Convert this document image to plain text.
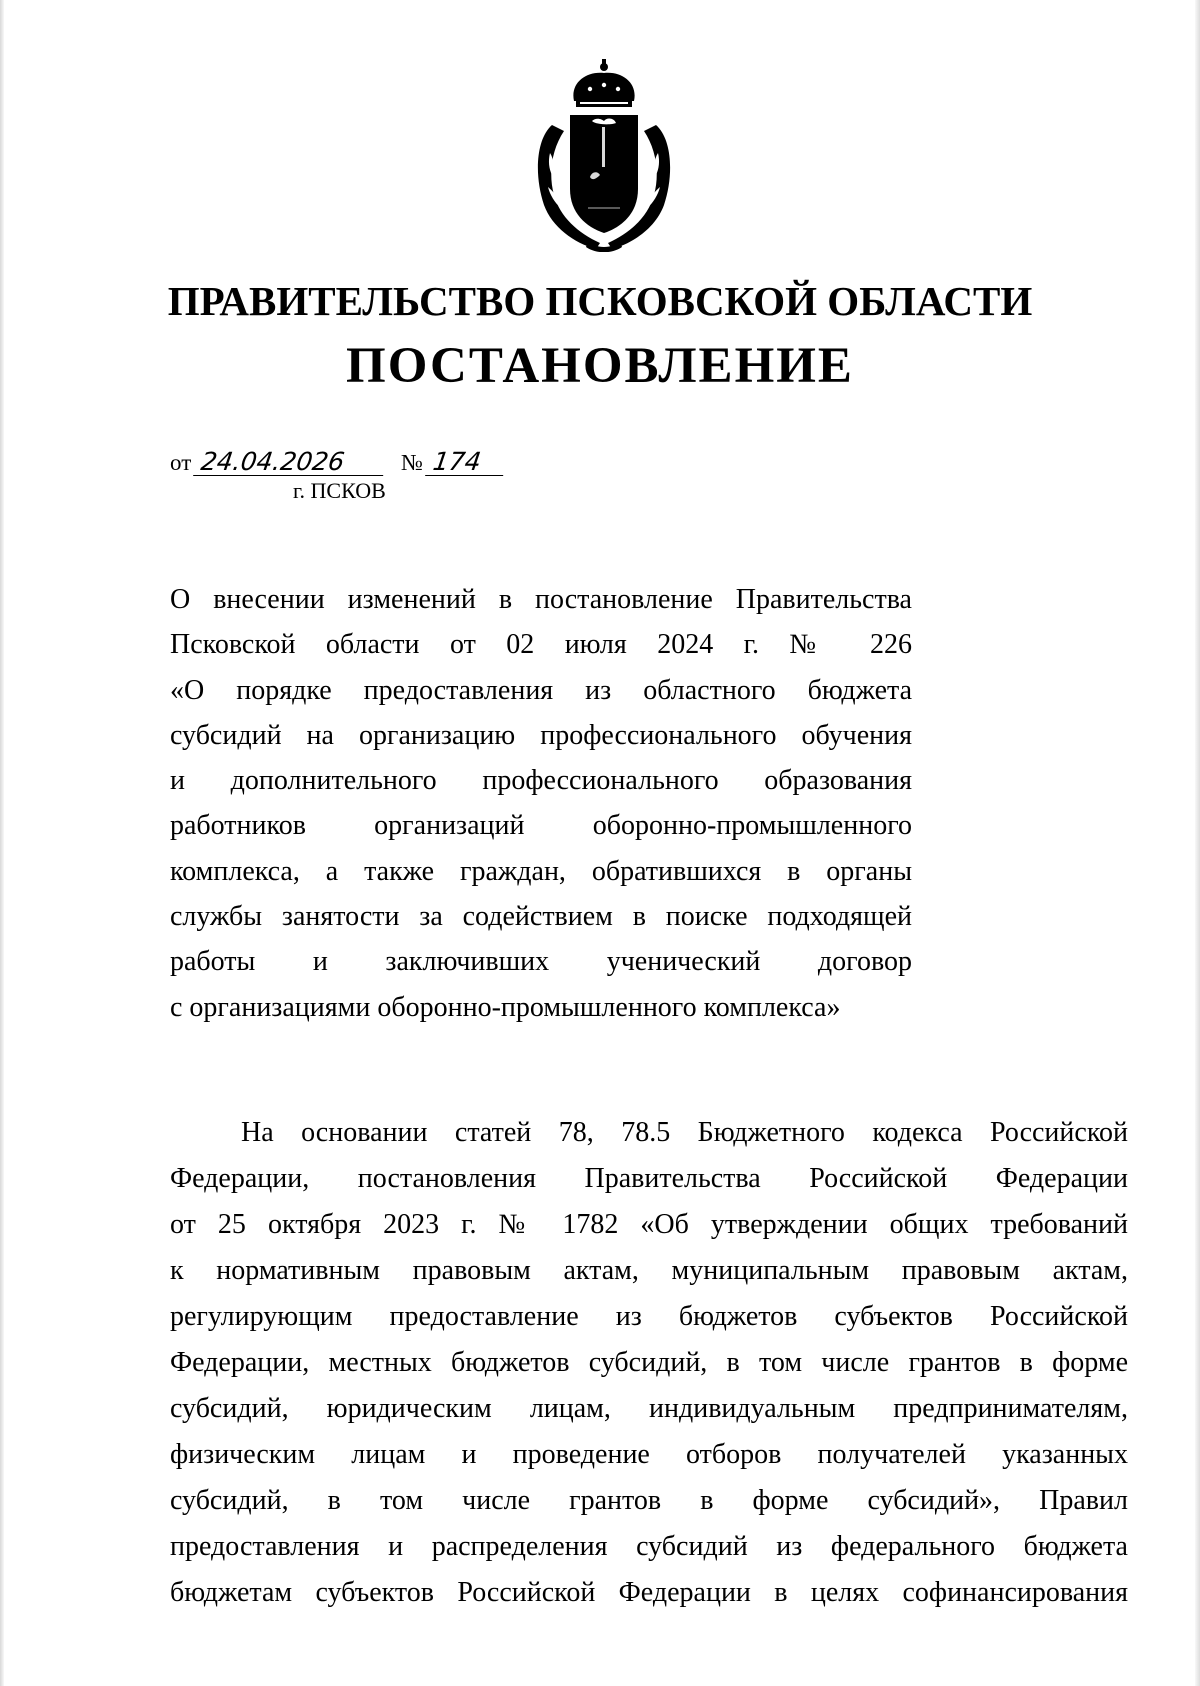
ПРАВИТЕЛЬСТВО ПСКОВСКОЙ ОБЛАСТИ
ПОСТАНОВЛЕНИЕ
от 24.04.2026 № 174
г. ПСКОВ
О внесении изменений в постановление Правительства
Псковской области от 02 июля 2024 г. № 226
«О порядке предоставления из областного бюджета
субсидий на организацию профессионального обучения
и дополнительного профессионального образования
работников организаций оборонно-промышленного
комплекса, а также граждан, обратившихся в органы
службы занятости за содействием в поиске подходящей
работы и заключивших ученический договор
с организациями оборонно-промышленного комплекса»
На основании статей 78, 78.5 Бюджетного кодекса Российской
Федерации, постановления Правительства Российской Федерации
от 25 октября 2023 г. № 1782 «Об утверждении общих требований
к нормативным правовым актам, муниципальным правовым актам,
регулирующим предоставление из бюджетов субъектов Российской
Федерации, местных бюджетов субсидий, в том числе грантов в форме
субсидий, юридическим лицам, индивидуальным предпринимателям,
физическим лицам и проведение отборов получателей указанных
субсидий, в том числе грантов в форме субсидий», Правил
предоставления и распределения субсидий из федерального бюджета
бюджетам субъектов Российской Федерации в целях софинансирования
